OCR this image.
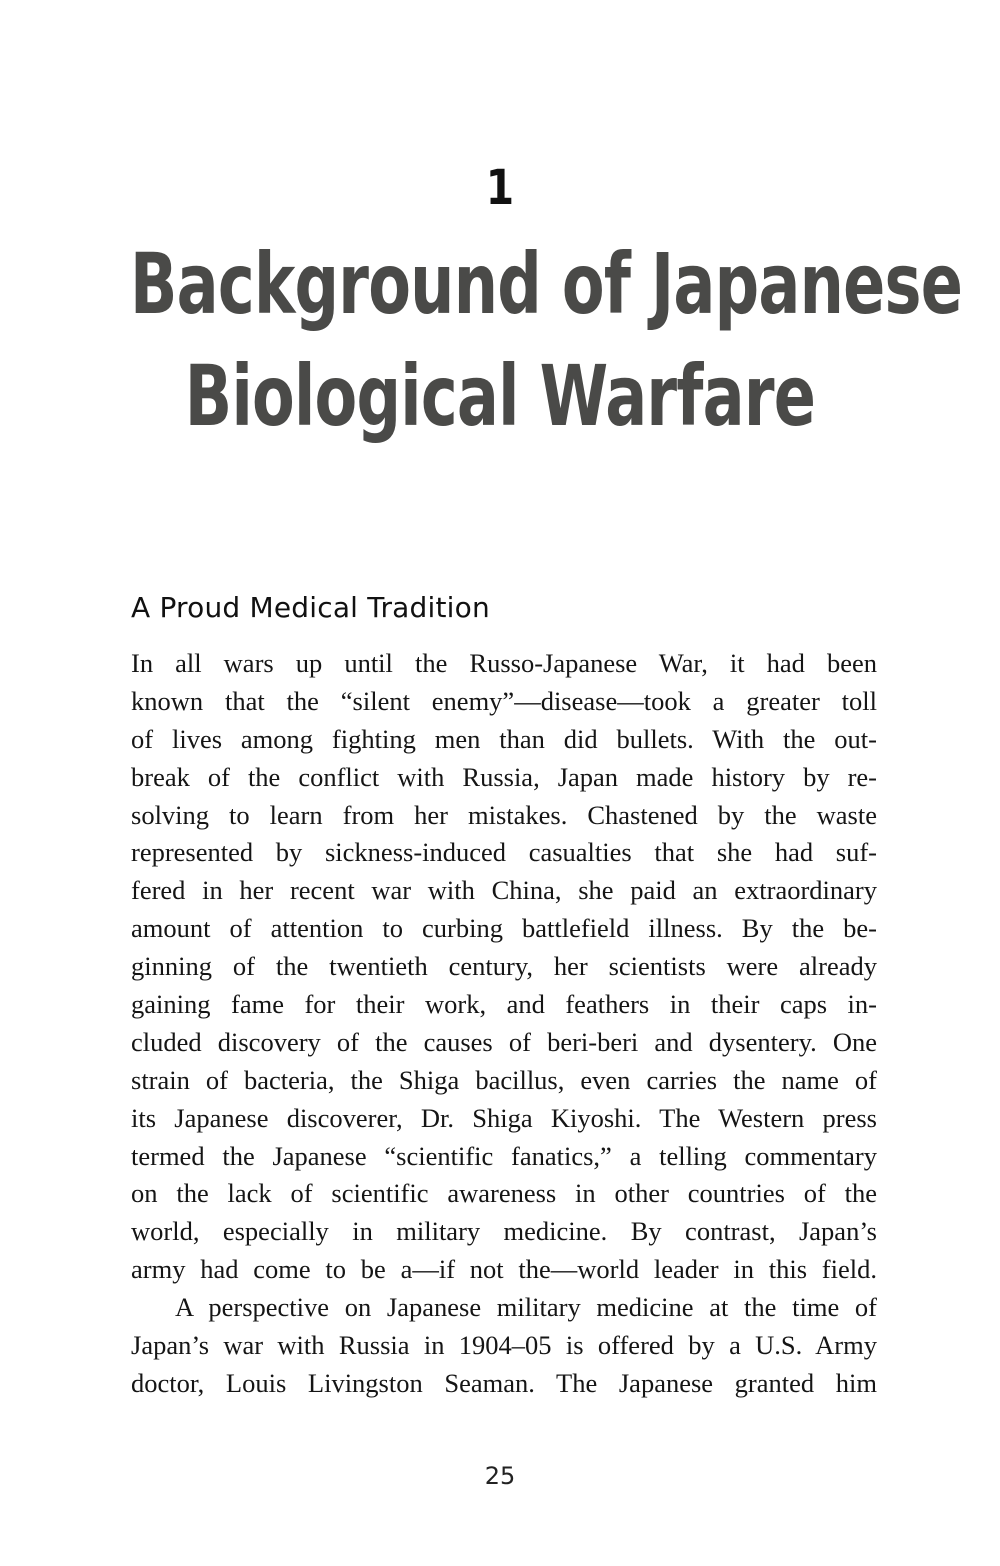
1
Background of Japanese
Biological Warfare
A Proud Medical Tradition
In all wars up until the Russo-Japanese War, it had been
known that the “silent enemy”—disease—took a greater toll
of lives among fighting men than did bullets. With the out-
break of the conflict with Russia, Japan made history by re-
solving to learn from her mistakes. Chastened by the waste
represented by sickness-induced casualties that she had suf-
fered in her recent war with China, she paid an extraordinary
amount of attention to curbing battlefield illness. By the be-
ginning of the twentieth century, her scientists were already
gaining fame for their work, and feathers in their caps in-
cluded discovery of the causes of beri-beri and dysentery. One
strain of bacteria, the Shiga bacillus, even carries the name of
its Japanese discoverer, Dr. Shiga Kiyoshi. The Western press
termed the Japanese “scientific fanatics,” a telling commentary
on the lack of scientific awareness in other countries of the
world, especially in military medicine. By contrast, Japan’s
army had come to be a—if not the—world leader in this field.
A perspective on Japanese military medicine at the time of
Japan’s war with Russia in 1904–05 is offered by a U.S. Army
doctor, Louis Livingston Seaman. The Japanese granted him
25
